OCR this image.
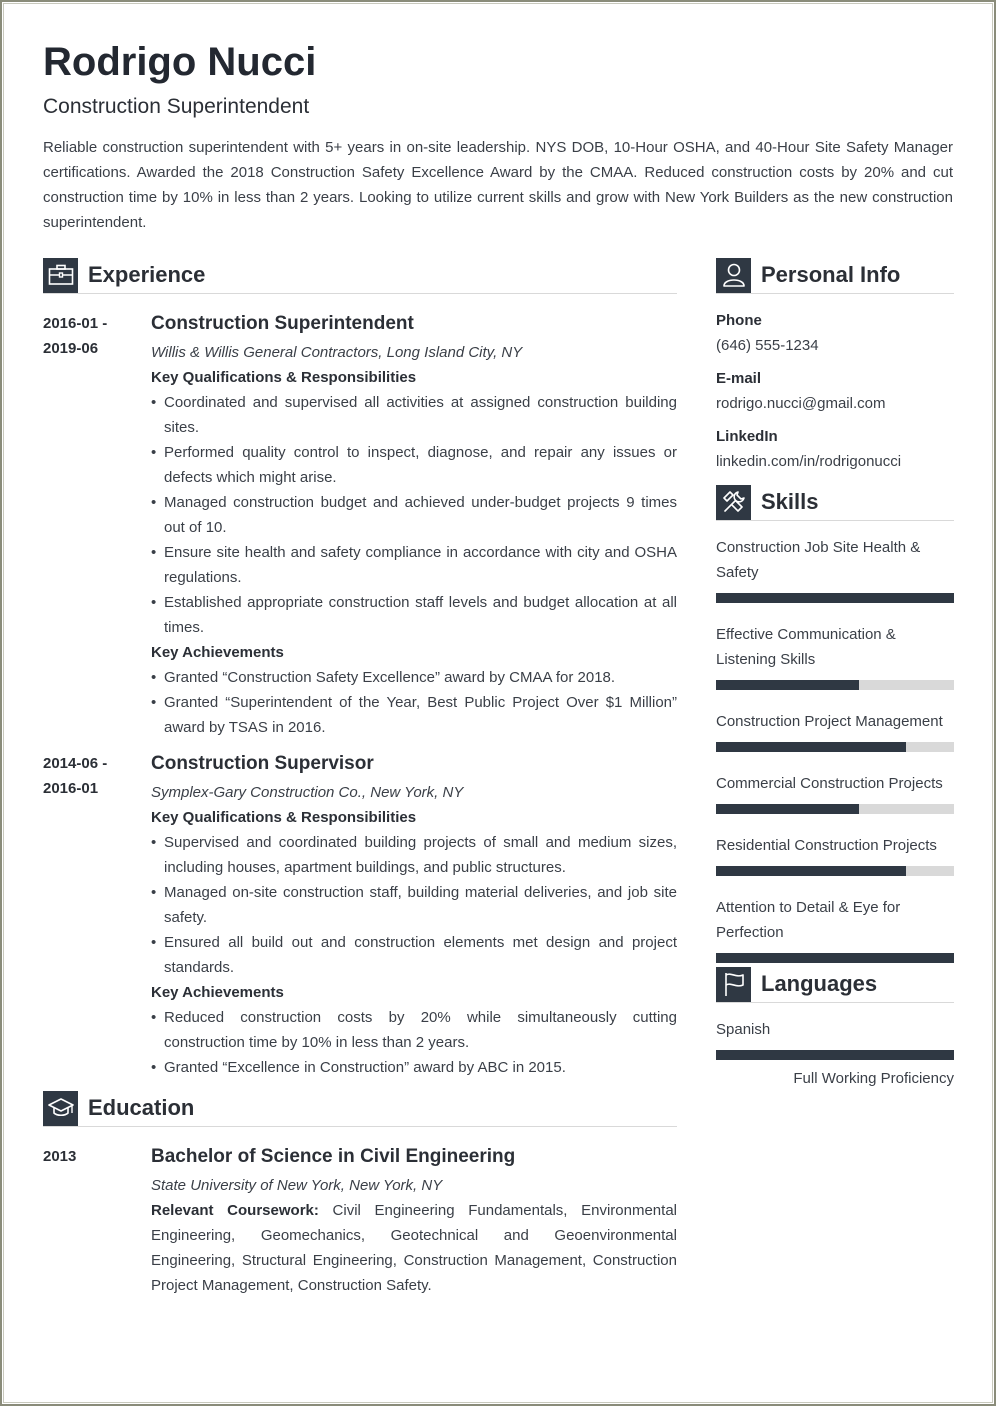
Rodrigo Nucci
Construction Superintendent
Reliable construction superintendent with 5+ years in on-site leadership. NYS DOB, 10-Hour OSHA, and 40-Hour Site Safety Manager certifications. Awarded the 2018 Construction Safety Excellence Award by the CMAA. Reduced construction costs by 20% and cut construction time by 10% in less than 2 years. Looking to utilize current skills and grow with New York Builders as the new construction superintendent.
Experience
2016-01 -
2019-06
Construction Superintendent
Willis & Willis General Contractors, Long Island City, NY
Key Qualifications & Responsibilities
• Coordinated and supervised all activities at assigned construction building sites.
• Performed quality control to inspect, diagnose, and repair any issues or defects which might arise.
• Managed construction budget and achieved under-budget projects 9 times out of 10.
• Ensure site health and safety compliance in accordance with city and OSHA regulations.
• Established appropriate construction staff levels and budget allocation at all times.
Key Achievements
• Granted “Construction Safety Excellence” award by CMAA for 2018.
• Granted “Superintendent of the Year, Best Public Project Over $1 Million” award by TSAS in 2016.
2014-06 -
2016-01
Construction Supervisor
Symplex-Gary Construction Co., New York, NY
Key Qualifications & Responsibilities
• Supervised and coordinated building projects of small and medium sizes, including houses, apartment buildings, and public structures.
• Managed on-site construction staff, building material deliveries, and job site safety.
• Ensured all build out and construction elements met design and project standards.
Key Achievements
• Reduced construction costs by 20% while simultaneously cutting construction time by 10% in less than 2 years.
• Granted “Excellence in Construction” award by ABC in 2015.
Education
2013	Bachelor of Science in Civil Engineering
State University of New York, New York, NY
Relevant Coursework: Civil Engineering Fundamentals, Environmental Engineering, Geomechanics, Geotechnical and Geoenvironmental Engineering, Structural Engineering, Construction Management, Construction Project Management, Construction Safety.
Personal Info
Phone
(646) 555-1234
E-mail
rodrigo.nucci@gmail.com
LinkedIn
linkedin.com/in/rodrigonucci
Skills
Construction Job Site Health & Safety
Effective Communication & Listening Skills
Construction Project Management
Commercial Construction Projects
Residential Construction Projects
Attention to Detail & Eye for Perfection
Languages
Spanish
Full Working Proficiency
